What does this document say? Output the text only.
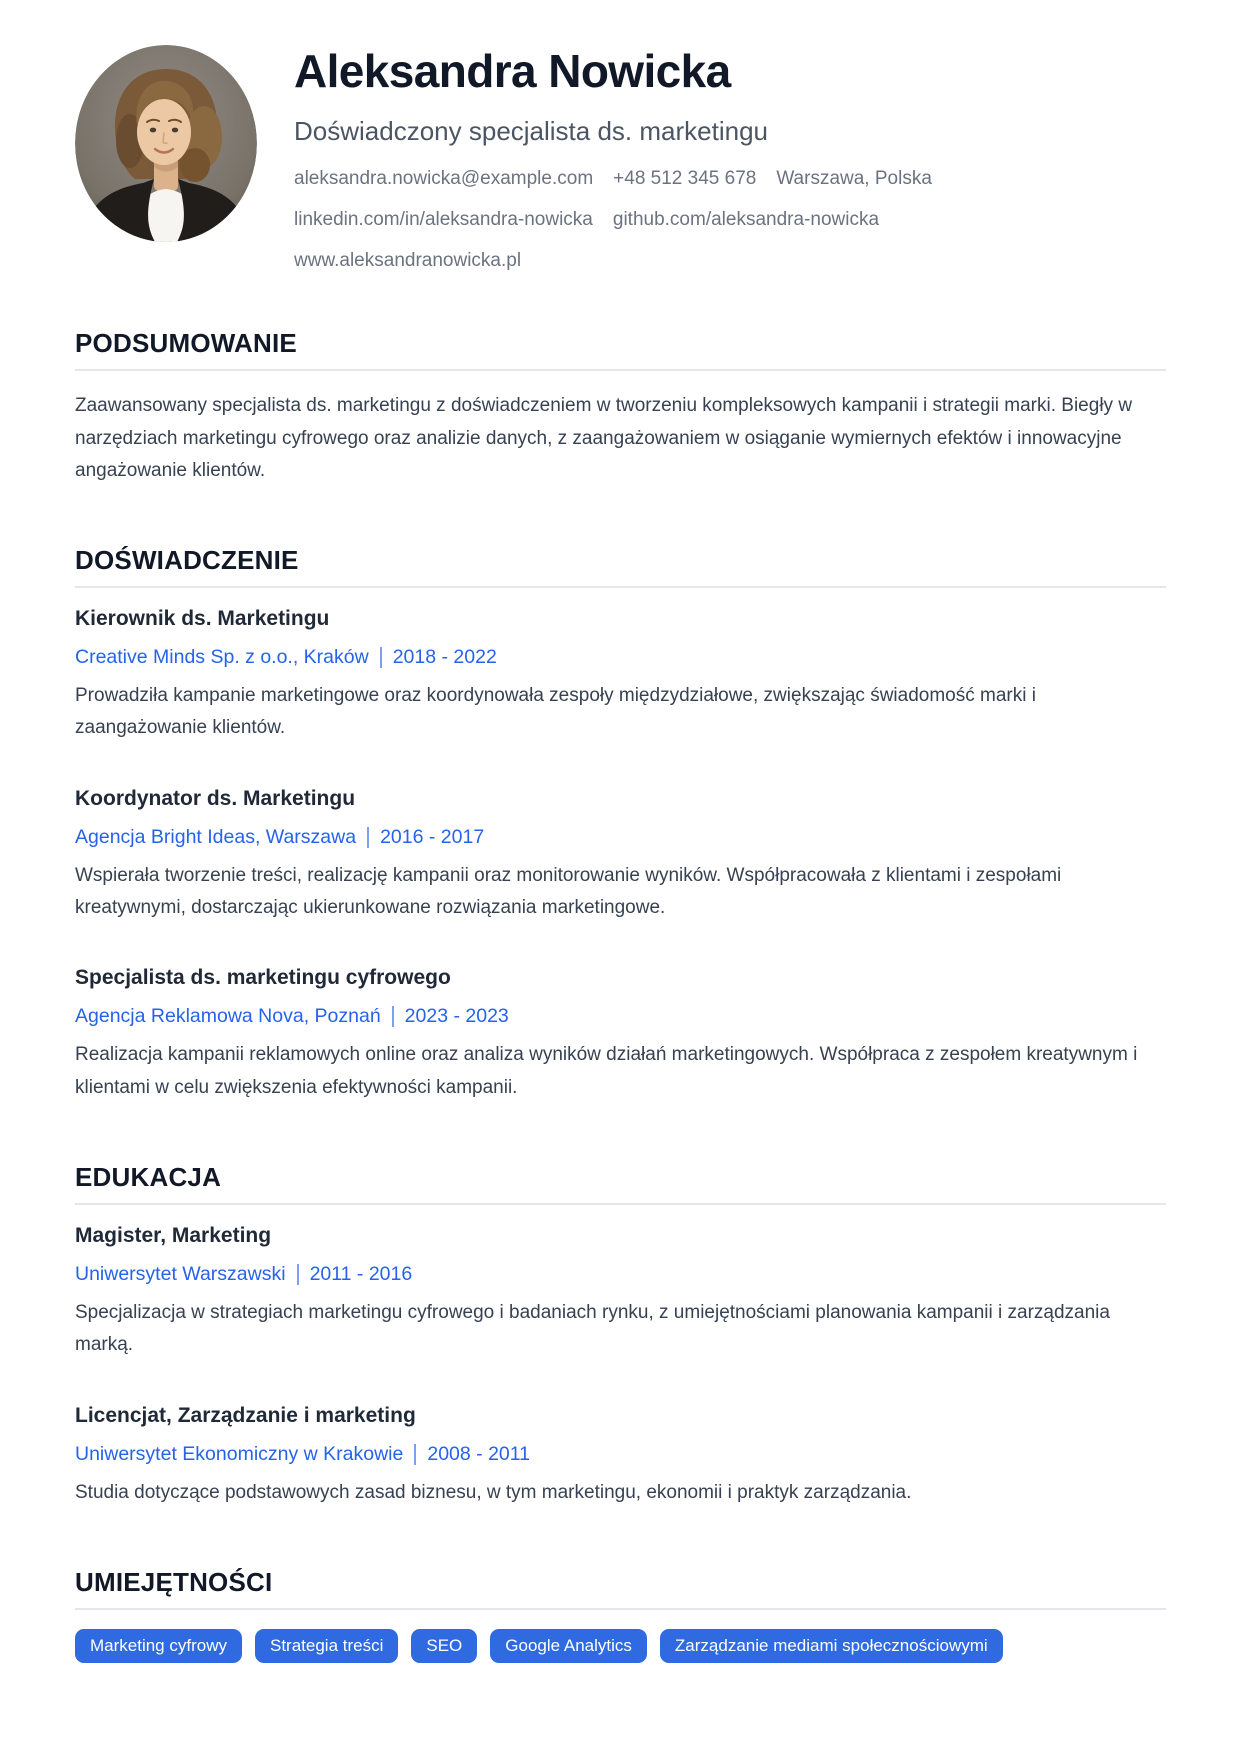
Aleksandra Nowicka
Doświadczony specjalista ds. marketingu
aleksandra.nowicka@example.com +48 512 345 678 Warszawa, Polska
linkedin.com/in/aleksandra-nowicka github.com/aleksandra-nowicka
www.aleksandranowicka.pl
PODSUMOWANIE

Zaawansowany specjalista ds. marketingu z doświadczeniem w tworzeniu kompleksowych kampanii i strategii marki. Biegły w narzędziach marketingu cyfrowego oraz analizie danych, z zaangażowaniem w osiąganie wymiernych efektów i innowacyjne angażowanie klientów.

DOŚWIADCZENIE
Kierownik ds. Marketingu
Creative Minds Sp. z o.o., Kraków 2018 - 2022

Prowadziła kampanie marketingowe oraz koordynowała zespoły międzydziałowe, zwiększając świadomość marki i zaangażowanie klientów.

Koordynator ds. Marketingu
Agencja Bright Ideas, Warszawa 2016 - 2017

Wspierała tworzenie treści, realizację kampanii oraz monitorowanie wyników. Współpracowała z klientami i zespołami kreatywnymi, dostarczając ukierunkowane rozwiązania marketingowe.

Specjalista ds. marketingu cyfrowego
Agencja Reklamowa Nova, Poznań 2023 - 2023

Realizacja kampanii reklamowych online oraz analiza wyników działań marketingowych. Współpraca z zespołem kreatywnym i klientami w celu zwiększenia efektywności kampanii.

EDUKACJA
Magister, Marketing
Uniwersytet Warszawski 2011 - 2016

Specjalizacja w strategiach marketingu cyfrowego i badaniach rynku, z umiejętnościami planowania kampanii i zarządzania marką.

Licencjat, Zarządzanie i marketing
Uniwersytet Ekonomiczny w Krakowie 2008 - 2011

Studia dotyczące podstawowych zasad biznesu, w tym marketingu, ekonomii i praktyk zarządzania.

UMIEJĘTNOŚCI
Marketing cyfrowy	Strategia treści	SEO	Google Analytics	Zarządzanie mediami społecznościowymi
